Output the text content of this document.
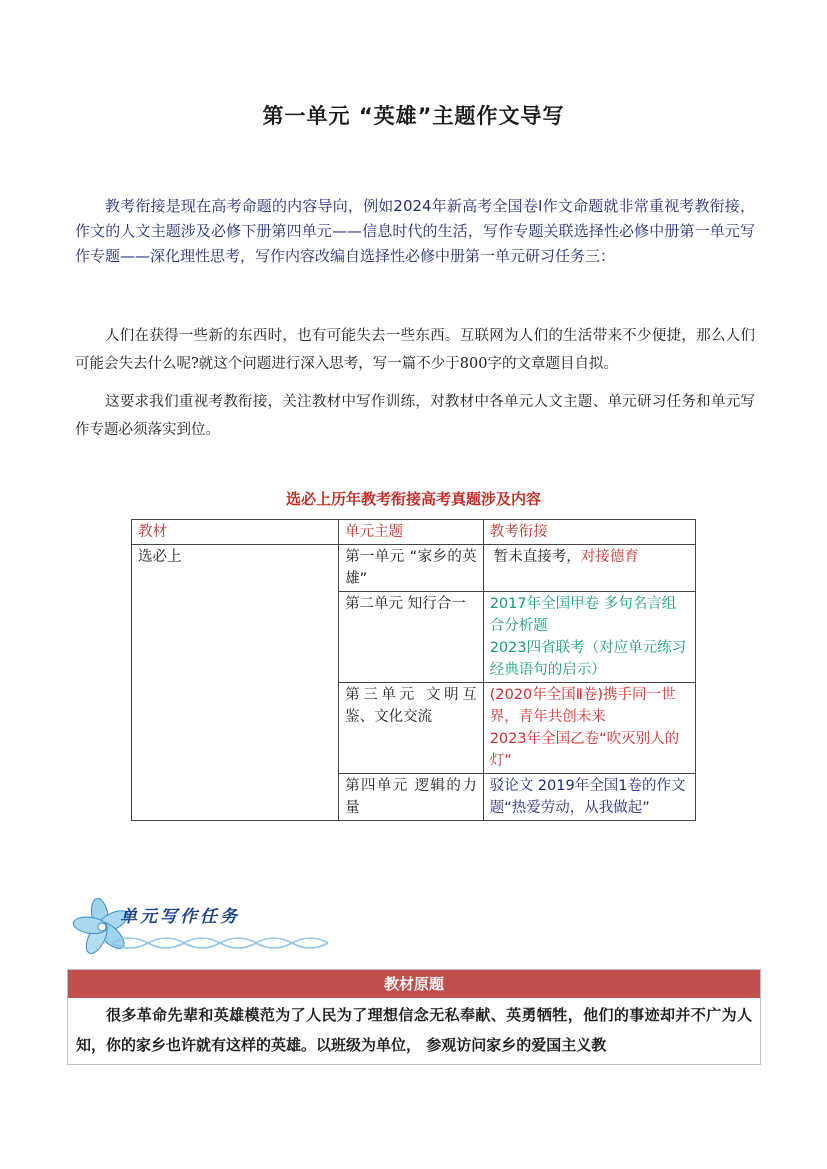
第一单元 “英雄”主题作文导写

教考衔接是现在高考命题的内容导向，例如2024年新高考全国卷Ⅰ作文命题就非常重视考教衔接，作文的人文主题涉及必修下册第四单元——信息时代的生活，写作专题关联选择性必修中册第一单元写作专题——深化理性思考，写作内容改编自选择性必修中册第一单元研习任务三：

人们在获得一些新的东西时，也有可能失去一些东西。互联网为人们的生活带来不少便捷，那么人们可能会失去什么呢?就这个问题进行深入思考，写一篇不少于800字的文章题目自拟。

这要求我们重视考教衔接，关注教材中写作训练，对教材中各单元人文主题、单元研习任务和单元写作专题必须落实到位。

选必上历年教考衔接高考真题涉及内容
教材	单元主题	教考衔接
选必上	第一单元 “家乡的英雄”	暂未直接考，对接德育
	第二单元 知行合一	2017年全国甲卷 多句名言组合分析题
2023四省联考（对应单元练习经典语句的启示）

	第三单元 文明互鉴、文化交流	(2020年全国Ⅱ卷)携手同一世界，青年共创未来
2023年全国乙卷“吹灭别人的灯”

	第四单元 逻辑的力量	驳论文 2019年全国1卷的作文题“热爱劳动，从我做起”
单元写作任务
教材原题
很多革命先辈和英雄模范为了人民为了理想信念无私奉献、英勇牺牲，他们的事迹却并不广为人知，你的家乡也许就有这样的英雄。以班级为单位， 参观访问家乡的爱国主义教
